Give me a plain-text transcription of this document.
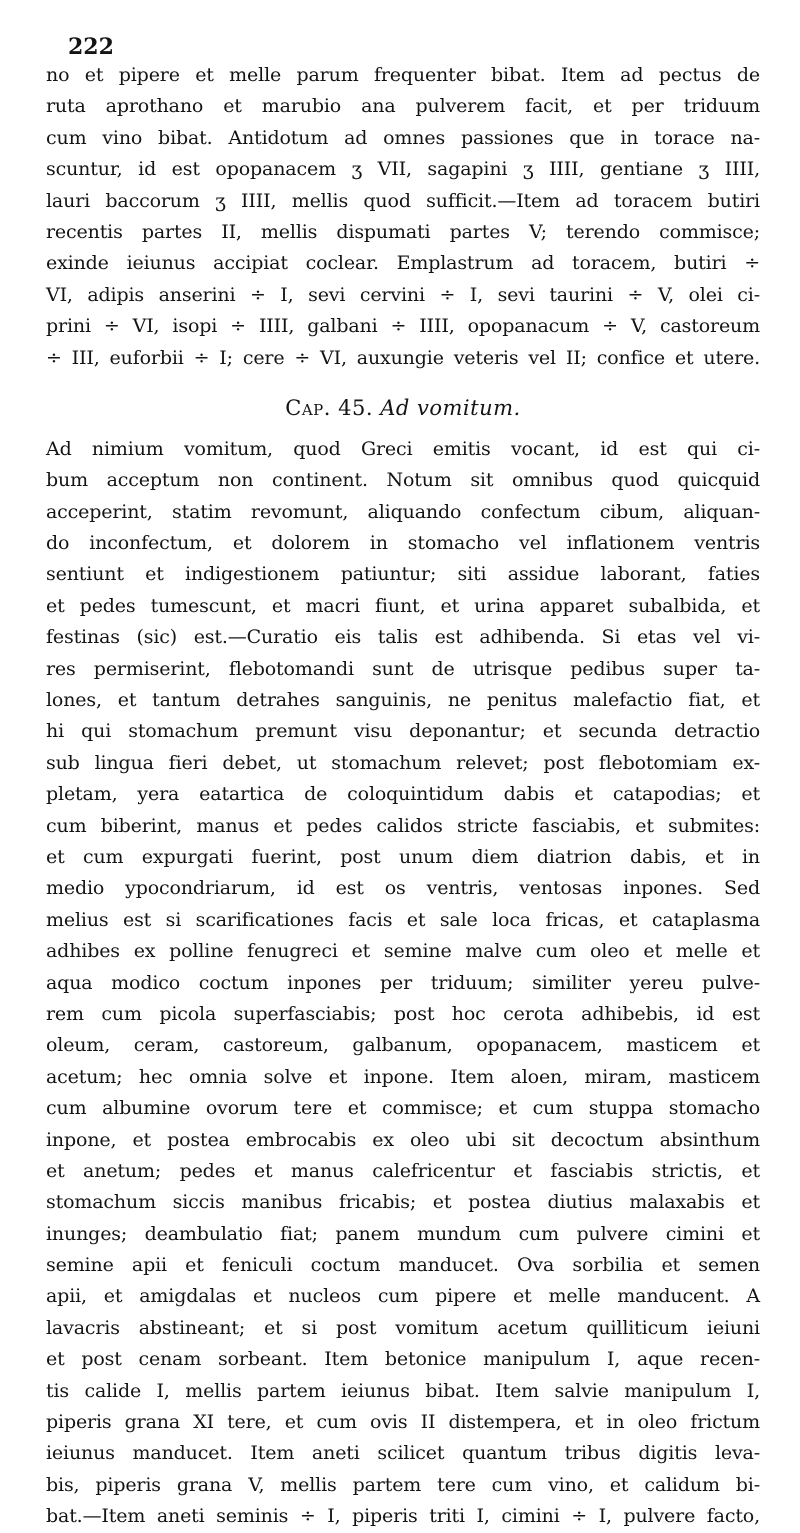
222
no et pipere et melle parum frequenter bibat. Item ad pectus de
ruta aprothano et marubio ana pulverem facit, et per triduum
cum vino bibat. Antidotum ad omnes passiones que in torace na-
scuntur, id est opopanacem ʒ VII, sagapini ʒ IIII, gentiane ʒ IIII,
lauri baccorum ʒ IIII, mellis quod sufficit.—Item ad toracem butiri
recentis partes II, mellis dispumati partes V; terendo commisce;
exinde ieiunus accipiat coclear. Emplastrum ad toracem, butiri ÷
VI, adipis anserini ÷ I, sevi cervini ÷ I, sevi taurini ÷ V, olei ci-
prini ÷ VI, isopi ÷ IIII, galbani ÷ IIII, opopanacum ÷ V, castoreum
÷ III, euforbii ÷ I; cere ÷ VI, auxungie veteris vel II; confice et utere.
Cap. 45. Ad vomitum.
Ad nimium vomitum, quod Greci emitis vocant, id est qui ci-
bum acceptum non continent. Notum sit omnibus quod quicquid
acceperint, statim revomunt, aliquando confectum cibum, aliquan-
do inconfectum, et dolorem in stomacho vel inflationem ventris
sentiunt et indigestionem patiuntur; siti assidue laborant, faties
et pedes tumescunt, et macri fiunt, et urina apparet subalbida, et
festinas (sic) est.—Curatio eis talis est adhibenda. Si etas vel vi-
res permiserint, flebotomandi sunt de utrisque pedibus super ta-
lones, et tantum detrahes sanguinis, ne penitus malefactio fiat, et
hi qui stomachum premunt visu deponantur; et secunda detractio
sub lingua fieri debet, ut stomachum relevet; post flebotomiam ex-
pletam, yera eatartica de coloquintidum dabis et catapodias; et
cum biberint, manus et pedes calidos stricte fasciabis, et submites:
et cum expurgati fuerint, post unum diem diatrion dabis, et in
medio ypocondriarum, id est os ventris, ventosas inpones. Sed
melius est si scarificationes facis et sale loca fricas, et cataplasma
adhibes ex polline fenugreci et semine malve cum oleo et melle et
aqua modico coctum inpones per triduum; similiter yereu pulve-
rem cum picola superfasciabis; post hoc cerota adhibebis, id est
oleum, ceram, castoreum, galbanum, opopanacem, masticem et
acetum; hec omnia solve et inpone. Item aloen, miram, masticem
cum albumine ovorum tere et commisce; et cum stuppa stomacho
inpone, et postea embrocabis ex oleo ubi sit decoctum absinthum
et anetum; pedes et manus calefricentur et fasciabis strictis, et
stomachum siccis manibus fricabis; et postea diutius malaxabis et
inunges; deambulatio fiat; panem mundum cum pulvere cimini et
semine apii et feniculi coctum manducet. Ova sorbilia et semen
apii, et amigdalas et nucleos cum pipere et melle manducent. A
lavacris abstineant; et si post vomitum acetum quilliticum ieiuni
et post cenam sorbeant. Item betonice manipulum I, aque recen-
tis calide I, mellis partem ieiunus bibat. Item salvie manipulum I,
piperis grana XI tere, et cum ovis II distempera, et in oleo frictum
ieiunus manducet. Item aneti scilicet quantum tribus digitis leva-
bis, piperis grana V, mellis partem tere cum vino, et calidum bi-
bat.—Item aneti seminis ÷ I, piperis triti I, cimini ÷ I, pulvere facto,
